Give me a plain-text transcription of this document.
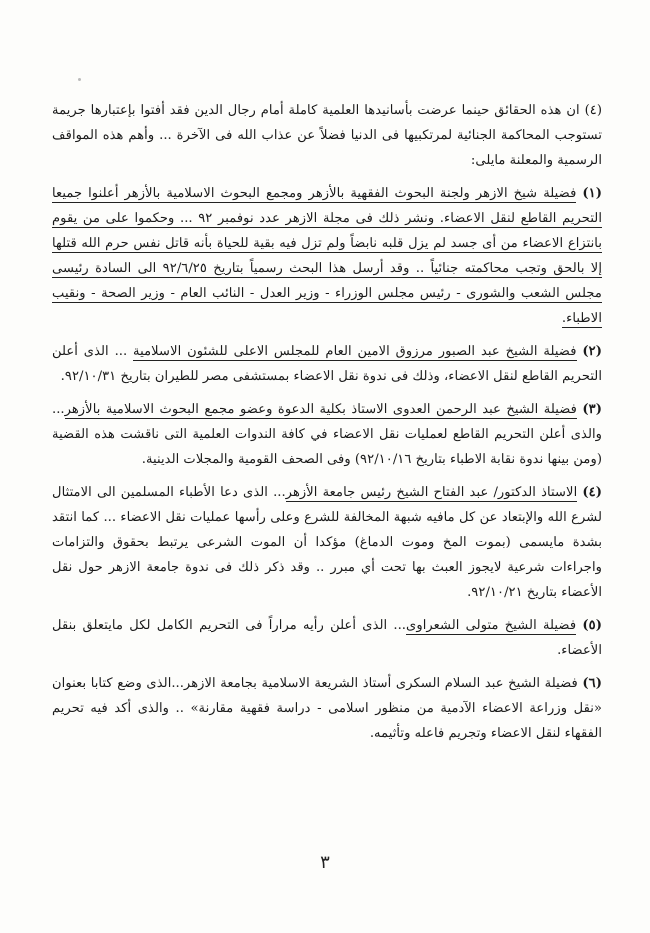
(٤) ان هذه الحقائق حينما عرضت بأسانيدها العلمية كاملة أمام رجال الدين فقد أفتوا بإعتبارها جريمة تستوجب المحاكمة الجنائية لمرتكبيها فى الدنيا فضلاً عن عذاب الله فى الآخرة ... وأهم هذه المواقف الرسمية والمعلنة مايلى:

(١) فضيلة شيخ الازهر ولجنة البحوث الفقهية بالأزهر ومجمع البحوث الاسلامية بالأزهر أعلنوا جميعا التحريم القاطع لنقل الاعضاء. ونشر ذلك فى مجلة الازهر عدد نوفمبر ٩٢ ... وحكموا على من يقوم بانتزاع الاعضاء من أى جسد لم يزل قلبه نابضاً ولم تزل فيه بقية للحياة بأنه قاتل نفس حرم الله قتلها إلا بالحق وتجب محاكمته جنائياً .. وقد أرسل هذا البحث رسمياً بتاريخ ٩٢/٦/٢٥ الى السادة رئيسى مجلس الشعب والشورى - رئيس مجلس الوزراء - وزير العدل - النائب العام - وزير الصحة - ونقيب الاطباء.

(٢) فضيلة الشيخ عبد الصبور مرزوق الامين العام للمجلس الاعلى للشئون الاسلامية ... الذى أعلن التحريم القاطع لنقل الاعضاء، وذلك فى ندوة نقل الاعضاء بمستشفى مصر للطيران بتاريخ ٩٢/١٠/٣١.

(٣) فضيلة الشيخ عبد الرحمن العدوى الاستاذ بكلية الدعوة وعضو مجمع البحوث الاسلامية بالأزهر... والذى أعلن التحريم القاطع لعمليات نقل الاعضاء في كافة الندوات العلمية التى ناقشت هذه القضية (ومن بينها ندوة نقابة الاطباء بتاريخ ٩٢/١٠/١٦) وفى الصحف القومية والمجلات الدينية.

(٤) الاستاذ الدكتور/ عبد الفتاح الشيخ رئيس جامعة الأزهر... الذى دعا الأطباء المسلمين الى الامتثال لشرع الله والإبتعاد عن كل مافيه شبهة المخالفة للشرع وعلى رأسها عمليات نقل الاعضاء ... كما انتقد بشدة مايسمى (بموت المخ وموت الدماغ) مؤكدا أن الموت الشرعى يرتبط بحقوق والتزامات واجراءات شرعية لايجوز العبث بها تحت أي مبرر .. وقد ذكر ذلك فى ندوة جامعة الازهر حول نقل الأعضاء بتاريخ ٩٢/١٠/٢١.

(٥) فضيلة الشيخ متولى الشعراوى... الذى أعلن رأيه مراراً فى التحريم الكامل لكل مايتعلق بنقل الأعضاء.

(٦) فضيلة الشيخ عبد السلام السكرى أستاذ الشريعة الاسلامية بجامعة الازهر...الذى وضع كتابا بعنوان «نقل وزراعة الاعضاء الآدمية من منظور اسلامى - دراسة فقهية مقارنة» .. والذى أكد فيه تحريم الفقهاء لنقل الاعضاء وتجريم فاعله وتأثيمه.

٣
